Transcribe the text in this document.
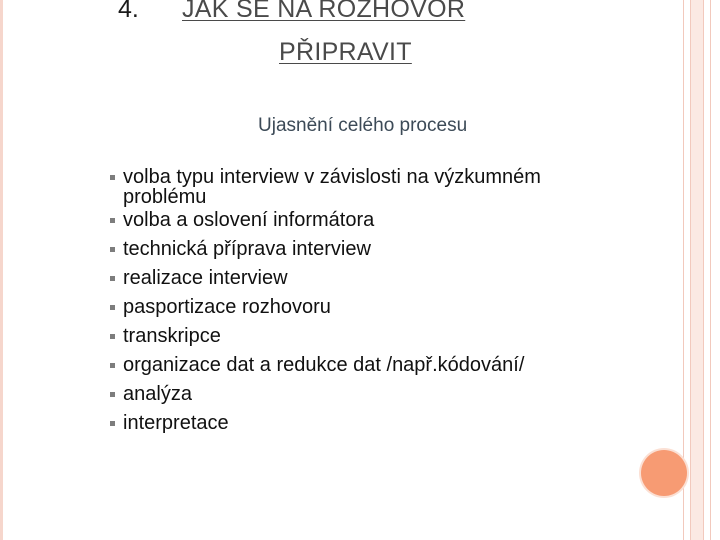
4. JAK SE NA ROZHOVOR
PŘIPRAVIT
Ujasnění celého procesu
volba typu interview v závislosti na výzkumném
problému
volba a oslovení informátora
technická příprava interview
realizace interview
pasportizace rozhovoru
transkripce
organizace dat a redukce dat /např.kódování/
analýza
interpretace
